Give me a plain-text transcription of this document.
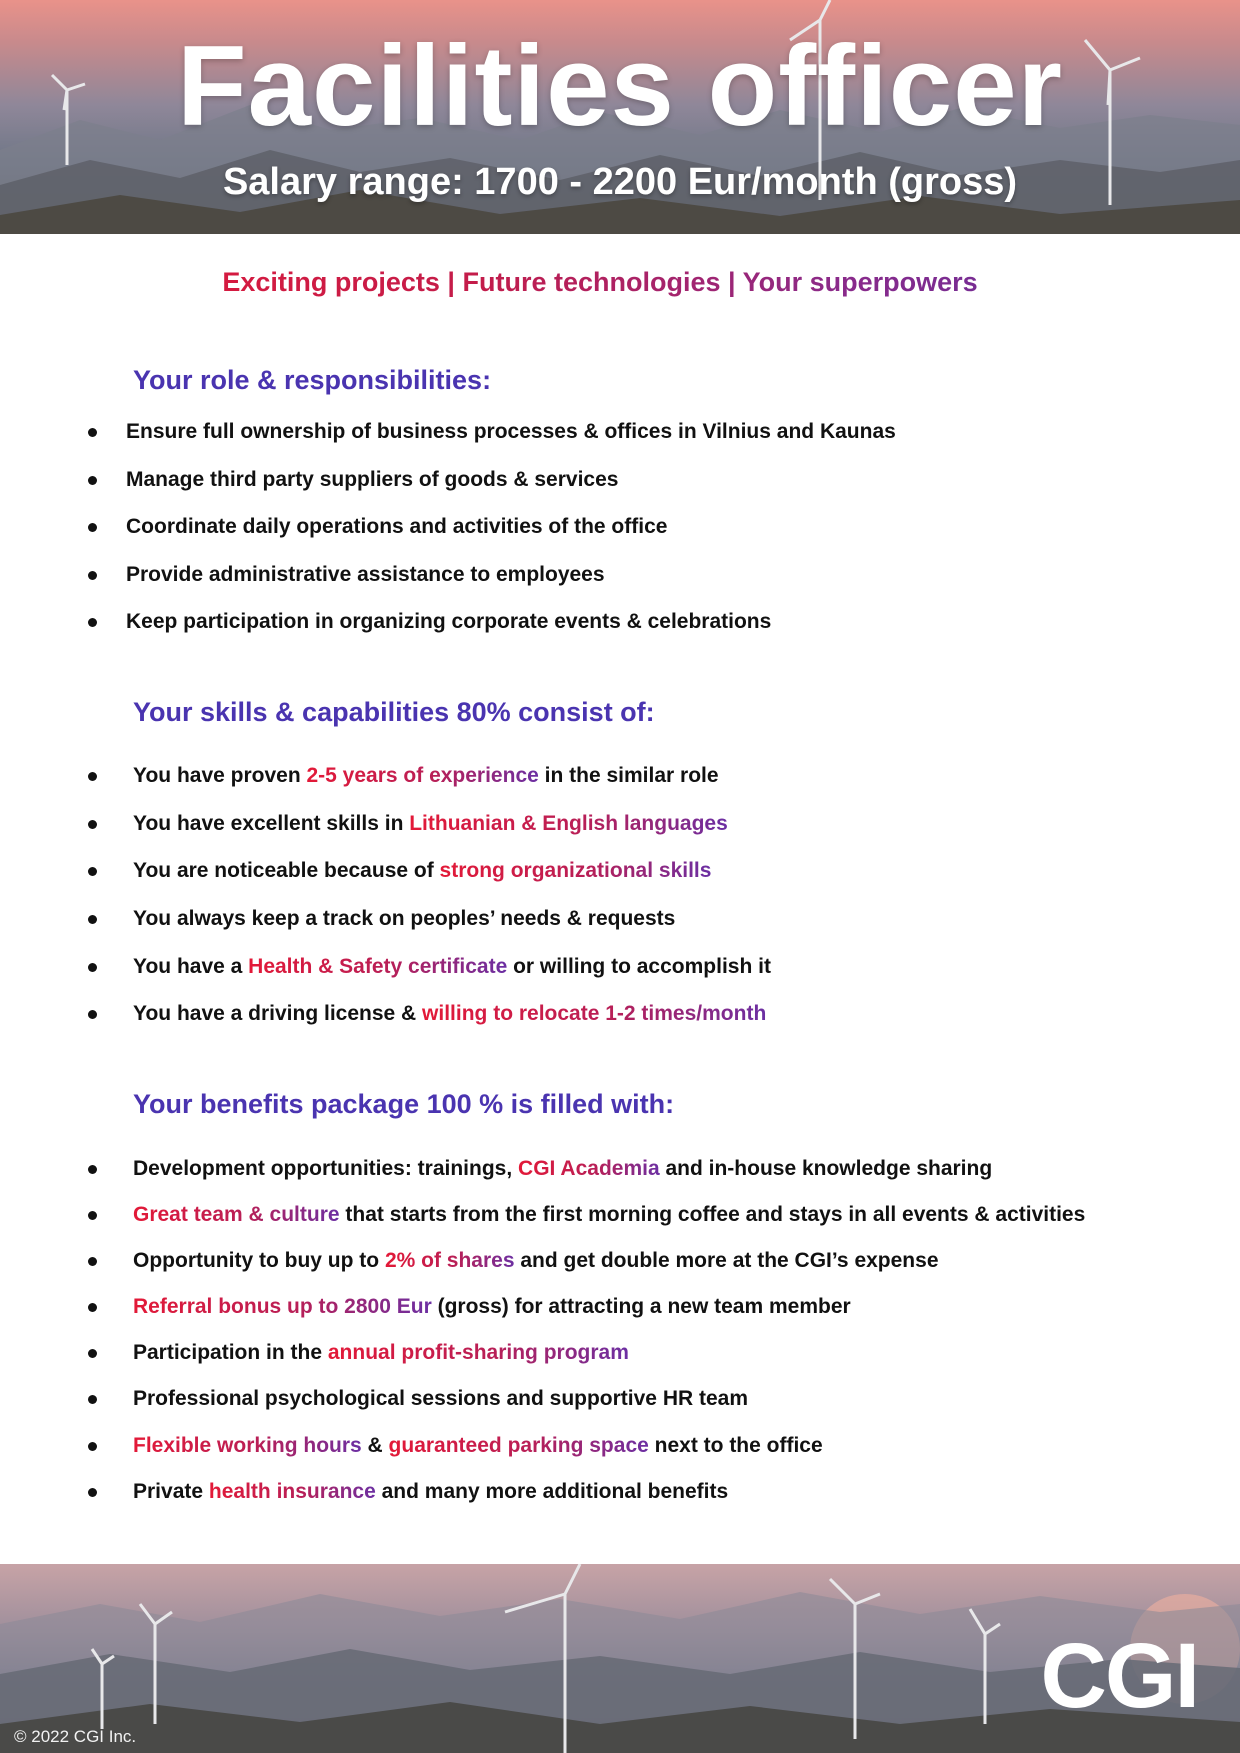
Facilities officer
Salary range: 1700 - 2200 Eur/month (gross)
Exciting projects | Future technologies | Your superpowers
Your role & responsibilities:
Ensure full ownership of business processes & offices in Vilnius and Kaunas
Manage third party suppliers of goods & services
Coordinate daily operations and activities of the office
Provide administrative assistance to employees
Keep participation in organizing corporate events & celebrations
Your skills & capabilities 80% consist of:
You have proven 2-5 years of experience in the similar role
You have excellent skills in Lithuanian & English languages
You are noticeable because of strong organizational skills
You always keep a track on peoples’ needs & requests
You have a Health & Safety certificate or willing to accomplish it
You have a driving license & willing to relocate 1-2 times/month
Your benefits package 100 % is filled with:
Development opportunities: trainings, CGI Academia and in-house knowledge sharing
Great team & culture that starts from the first morning coffee and stays in all events & activities
Opportunity to buy up to 2% of shares and get double more at the CGI’s expense
Referral bonus up to 2800 Eur (gross) for attracting a new team member
Participation in the annual profit-sharing program
Professional psychological sessions and supportive HR team
Flexible working hours & guaranteed parking space next to the office
Private health insurance and many more additional benefits
CGI
© 2022 CGI Inc.
